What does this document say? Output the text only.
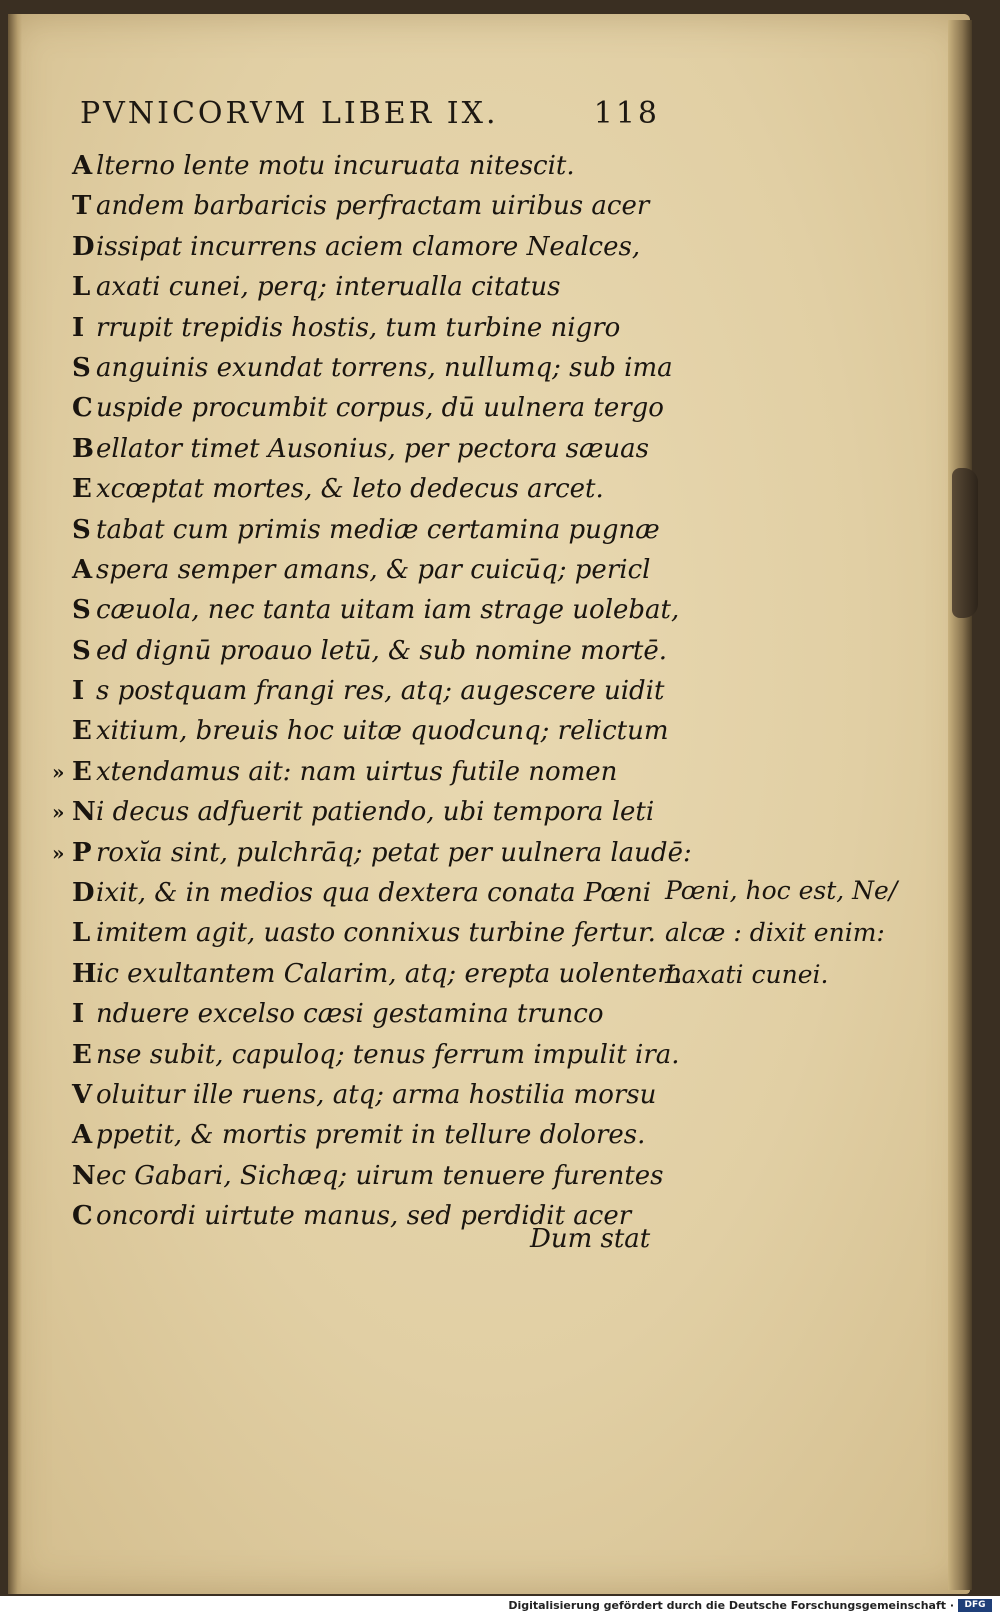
PVNICORVM LIBER IX.	118
A lterno lente motu incuruata nitescit.
T andem barbaricis perfractam uiribus acer
Dissipat incurrens aciem clamore Nealces,
L axati cunei, perq; interualla citatus
I rrupit trepidis hostis, tum turbine nigro
S anguinis exundat torrens, nullumq; sub ima
C uspide procumbit corpus, dū uulnera tergo
Bellator timet Ausonius, per pectora sæuas
E xcœptat mortes, & leto dedecus arcet.
S tabat cum primis mediæ certamina pugnæ
A spera semper amans, & par cuicūq; pericl
S cæuola, nec tanta uitam iam strage uolebat,
S ed dignū proauo letū, & sub nomine mortē.
I s postquam frangi res, atq; augescere uidit
E xitium, breuis hoc uitæ quodcunq; relictum
» E xtendamus ait: nam uirtus futile nomen
» Ni decus adfuerit patiendo, ubi tempora leti
» P roxĭa sint, pulchrāq; petat per uulnera laudē:
Dixit, & in medios qua dextera conata Pœni
L imitem agit, uasto connixus turbine fertur.
Hic exultantem Calarim, atq; erepta uolentem
I nduere excelso cæsi gestamina trunco
E nse subit, capuloq; tenus ferrum impulit ira.
V oluitur ille ruens, atq; arma hostilia morsu
A ppetit, & mortis premit in tellure dolores.
Nec Gabari, Sichæq; uirum tenuere furentes
C oncordi uirtute manus, sed perdidit acer
Dum stat
Pœni, hoc est, Ne/
alcæ : dixit enim:
Laxati cunei.
Digitalisierung gefördert durch die Deutsche Forschungsgemeinschaft ·	DFG
